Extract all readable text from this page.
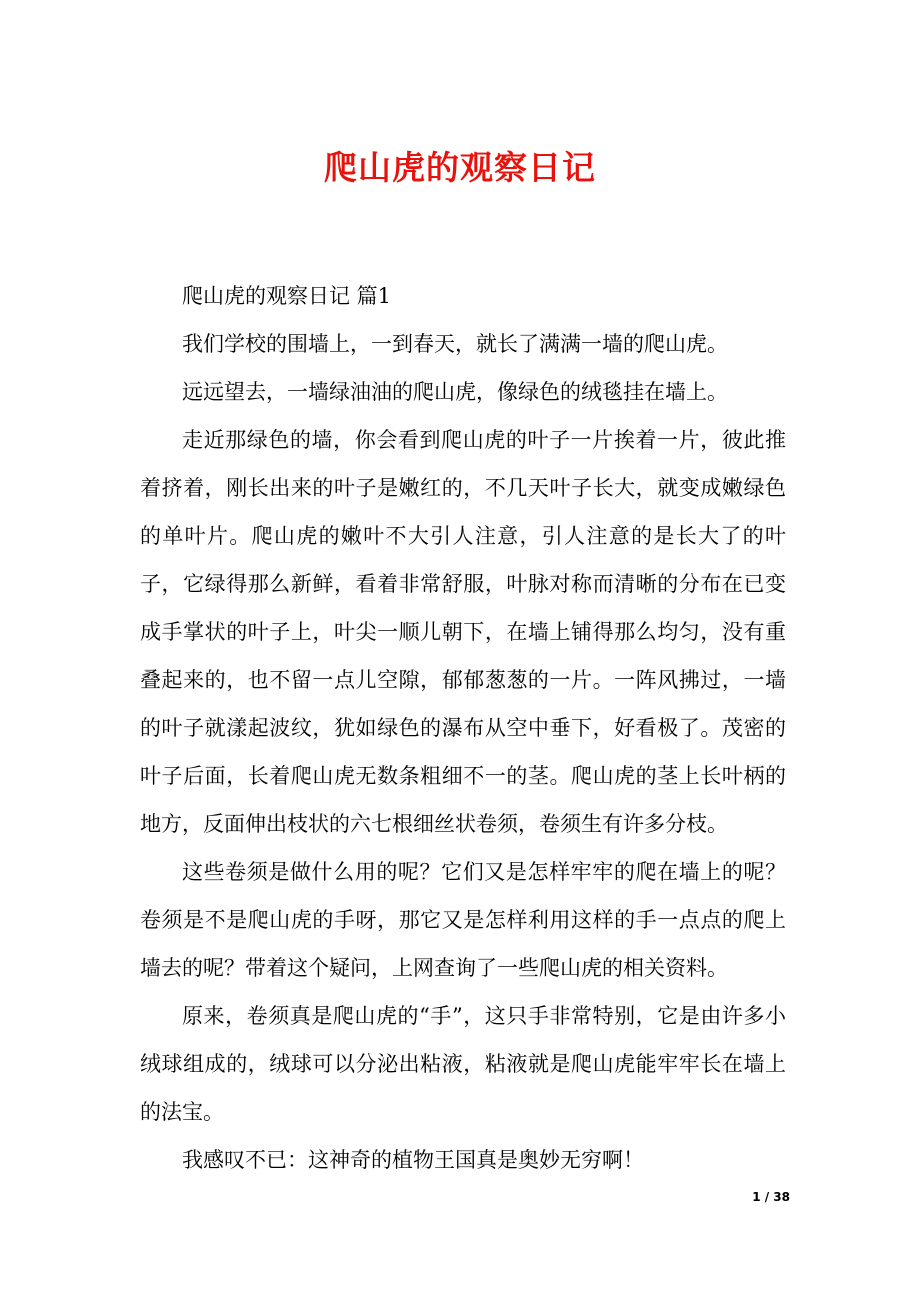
爬山虎的观察日记

爬山虎的观察日记 篇1

我们学校的围墙上，一到春天，就长了满满一墙的爬山虎。

远远望去，一墙绿油油的爬山虎，像绿色的绒毯挂在墙上。

走近那绿色的墙，你会看到爬山虎的叶子一片挨着一片，彼此推着挤着，刚长出来的叶子是嫩红的，不几天叶子长大，就变成嫩绿色的单叶片。爬山虎的嫩叶不大引人注意，引人注意的是长大了的叶子，它绿得那么新鲜，看着非常舒服，叶脉对称而清晰的分布在已变成手掌状的叶子上，叶尖一顺儿朝下，在墙上铺得那么均匀，没有重叠起来的，也不留一点儿空隙，郁郁葱葱的一片。一阵风拂过，一墙的叶子就漾起波纹，犹如绿色的瀑布从空中垂下，好看极了。茂密的叶子后面，长着爬山虎无数条粗细不一的茎。爬山虎的茎上长叶柄的地方，反面伸出枝状的六七根细丝状卷须，卷须生有许多分枝。

这些卷须是做什么用的呢？它们又是怎样牢牢的爬在墙上的呢？卷须是不是爬山虎的手呀，那它又是怎样利用这样的手一点点的爬上墙去的呢？带着这个疑问，上网查询了一些爬山虎的相关资料。

原来，卷须真是爬山虎的“手”，这只手非常特别，它是由许多小绒球组成的，绒球可以分泌出粘液，粘液就是爬山虎能牢牢长在墙上的法宝。

我感叹不已：这神奇的植物王国真是奥妙无穷啊！

1 / 38
